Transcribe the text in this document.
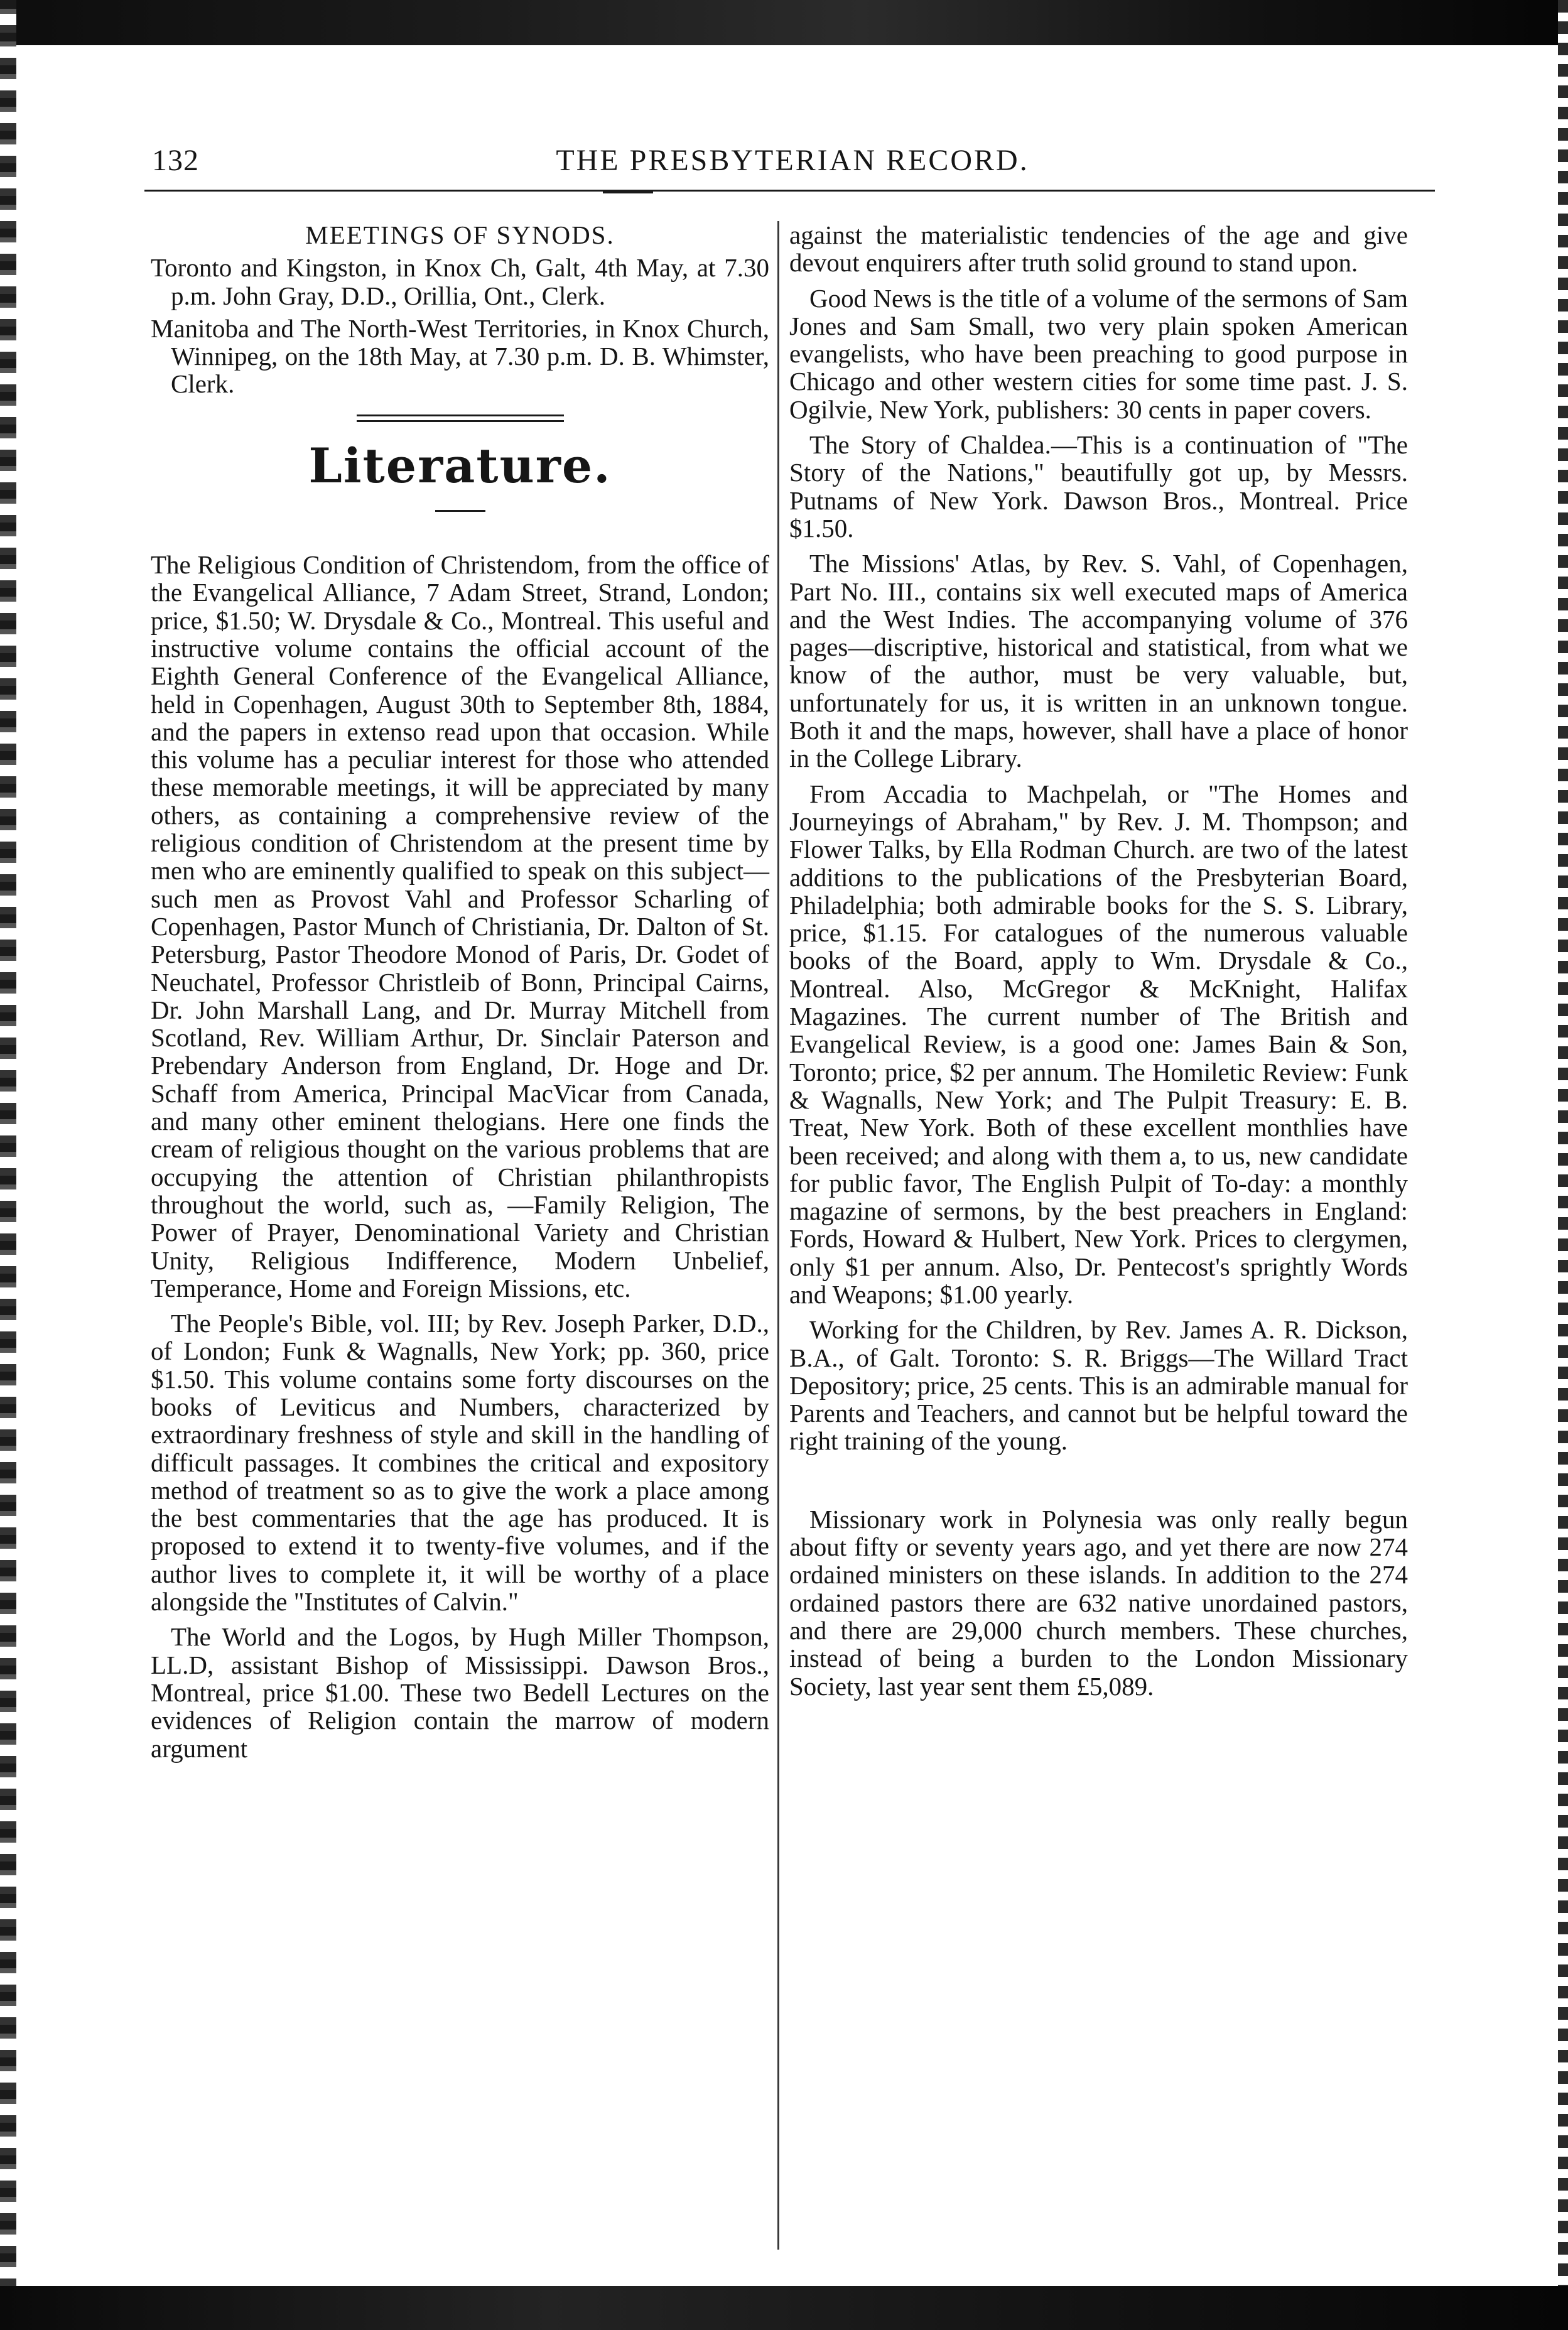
132	THE PRESBYTERIAN RECORD.
MEETINGS OF SYNODS.

Toronto and Kingston, in Knox Ch, Galt, 4th May, at 7.30 p.m. John Gray, D.D., Orillia, Ont., Clerk.

Manitoba and The North-West Territories, in Knox Church, Winnipeg, on the 18th May, at 7.30 p.m. D. B. Whimster, Clerk.

Literature.

The Religious Condition of Christendom, from the office of the Evangelical Alliance, 7 Adam Street, Strand, London; price, $1.50; W. Drysdale & Co., Montreal. This useful and instructive volume contains the official account of the Eighth General Conference of the Evangelical Alliance, held in Copenhagen, August 30th to September 8th, 1884, and the papers in extenso read upon that occasion. While this volume has a peculiar interest for those who attended these memorable meetings, it will be appreciated by many others, as containing a comprehensive review of the religious condition of Christendom at the present time by men who are eminently qualified to speak on this subject—such men as Provost Vahl and Professor Scharling of Copenhagen, Pastor Munch of Christiania, Dr. Dalton of St. Petersburg, Pastor Theodore Monod of Paris, Dr. Godet of Neuchatel, Professor Christleib of Bonn, Principal Cairns, Dr. John Marshall Lang, and Dr. Murray Mitchell from Scotland, Rev. William Arthur, Dr. Sinclair Paterson and Prebendary Anderson from England, Dr. Hoge and Dr. Schaff from America, Principal MacVicar from Canada, and many other eminent thelogians. Here one finds the cream of religious thought on the various problems that are occupying the attention of Christian philanthropists throughout the world, such as, —Family Religion, The Power of Prayer, Denominational Variety and Christian Unity, Religious Indifference, Modern Unbelief, Temperance, Home and Foreign Missions, etc.

The People's Bible, vol. III; by Rev. Joseph Parker, D.D., of London; Funk & Wagnalls, New York; pp. 360, price $1.50. This volume contains some forty discourses on the books of Leviticus and Numbers, characterized by extraordinary freshness of style and skill in the handling of difficult passages. It combines the critical and expository method of treatment so as to give the work a place among the best commentaries that the age has produced. It is proposed to extend it to twenty-five volumes, and if the author lives to complete it, it will be worthy of a place alongside the "Institutes of Calvin."

The World and the Logos, by Hugh Miller Thompson, LL.D, assistant Bishop of Mississippi. Dawson Bros., Montreal, price $1.00. These two Bedell Lectures on the evidences of Religion contain the marrow of modern argument

against the materialistic tendencies of the age and give devout enquirers after truth solid ground to stand upon.

Good News is the title of a volume of the sermons of Sam Jones and Sam Small, two very plain spoken American evangelists, who have been preaching to good purpose in Chicago and other western cities for some time past. J. S. Ogilvie, New York, publishers: 30 cents in paper covers.

The Story of Chaldea.—This is a continuation of "The Story of the Nations," beautifully got up, by Messrs. Putnams of New York. Dawson Bros., Montreal. Price $1.50.

The Missions' Atlas, by Rev. S. Vahl, of Copenhagen, Part No. III., contains six well executed maps of America and the West Indies. The accompanying volume of 376 pages—discriptive, historical and statistical, from what we know of the author, must be very valuable, but, unfortunately for us, it is written in an unknown tongue. Both it and the maps, however, shall have a place of honor in the College Library.

From Accadia to Machpelah, or "The Homes and Journeyings of Abraham," by Rev. J. M. Thompson; and Flower Talks, by Ella Rodman Church. are two of the latest additions to the publications of the Presbyterian Board, Philadelphia; both admirable books for the S. S. Library, price, $1.15. For catalogues of the numerous valuable books of the Board, apply to Wm. Drysdale & Co., Montreal. Also, McGregor & McKnight, Halifax Magazines. The current number of The British and Evangelical Review, is a good one: James Bain & Son, Toronto; price, $2 per annum. The Homiletic Review: Funk & Wagnalls, New York; and The Pulpit Treasury: E. B. Treat, New York. Both of these excellent monthlies have been received; and along with them a, to us, new candidate for public favor, The English Pulpit of To-day: a monthly magazine of sermons, by the best preachers in England: Fords, Howard & Hulbert, New York. Prices to clergymen, only $1 per annum. Also, Dr. Pentecost's sprightly Words and Weapons; $1.00 yearly.

Working for the Children, by Rev. James A. R. Dickson, B.A., of Galt. Toronto: S. R. Briggs—The Willard Tract Depository; price, 25 cents. This is an admirable manual for Parents and Teachers, and cannot but be helpful toward the right training of the young.

Missionary work in Polynesia was only really begun about fifty or seventy years ago, and yet there are now 274 ordained ministers on these islands. In addition to the 274 ordained pastors there are 632 native unordained pastors, and there are 29,000 church members. These churches, instead of being a burden to the London Missionary Society, last year sent them £5,089.
